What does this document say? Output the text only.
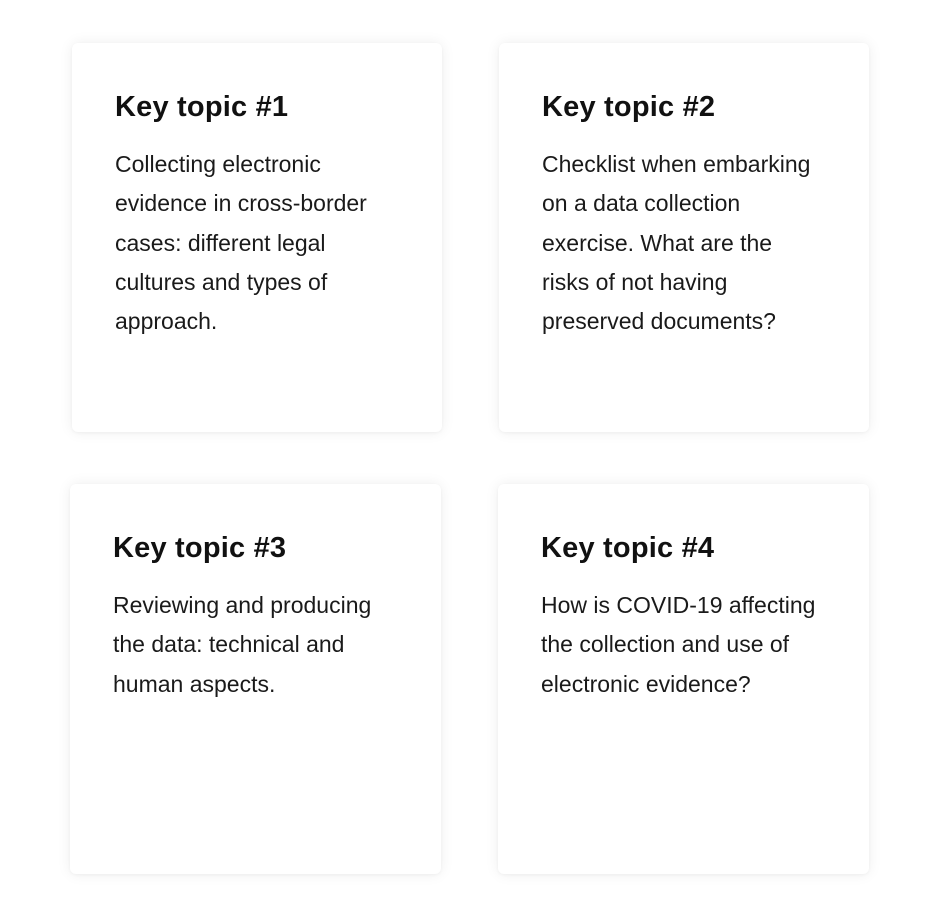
Key topic #1

Collecting electronic evidence in cross-border cases: different legal cultures and types of approach.

Key topic #2

Checklist when embarking on a data collection exercise. What are the risks of not having preserved documents?

Key topic #3

Reviewing and producing the data: technical and human aspects.

Key topic #4

How is COVID-19 affecting the collection and use of electronic evidence?
